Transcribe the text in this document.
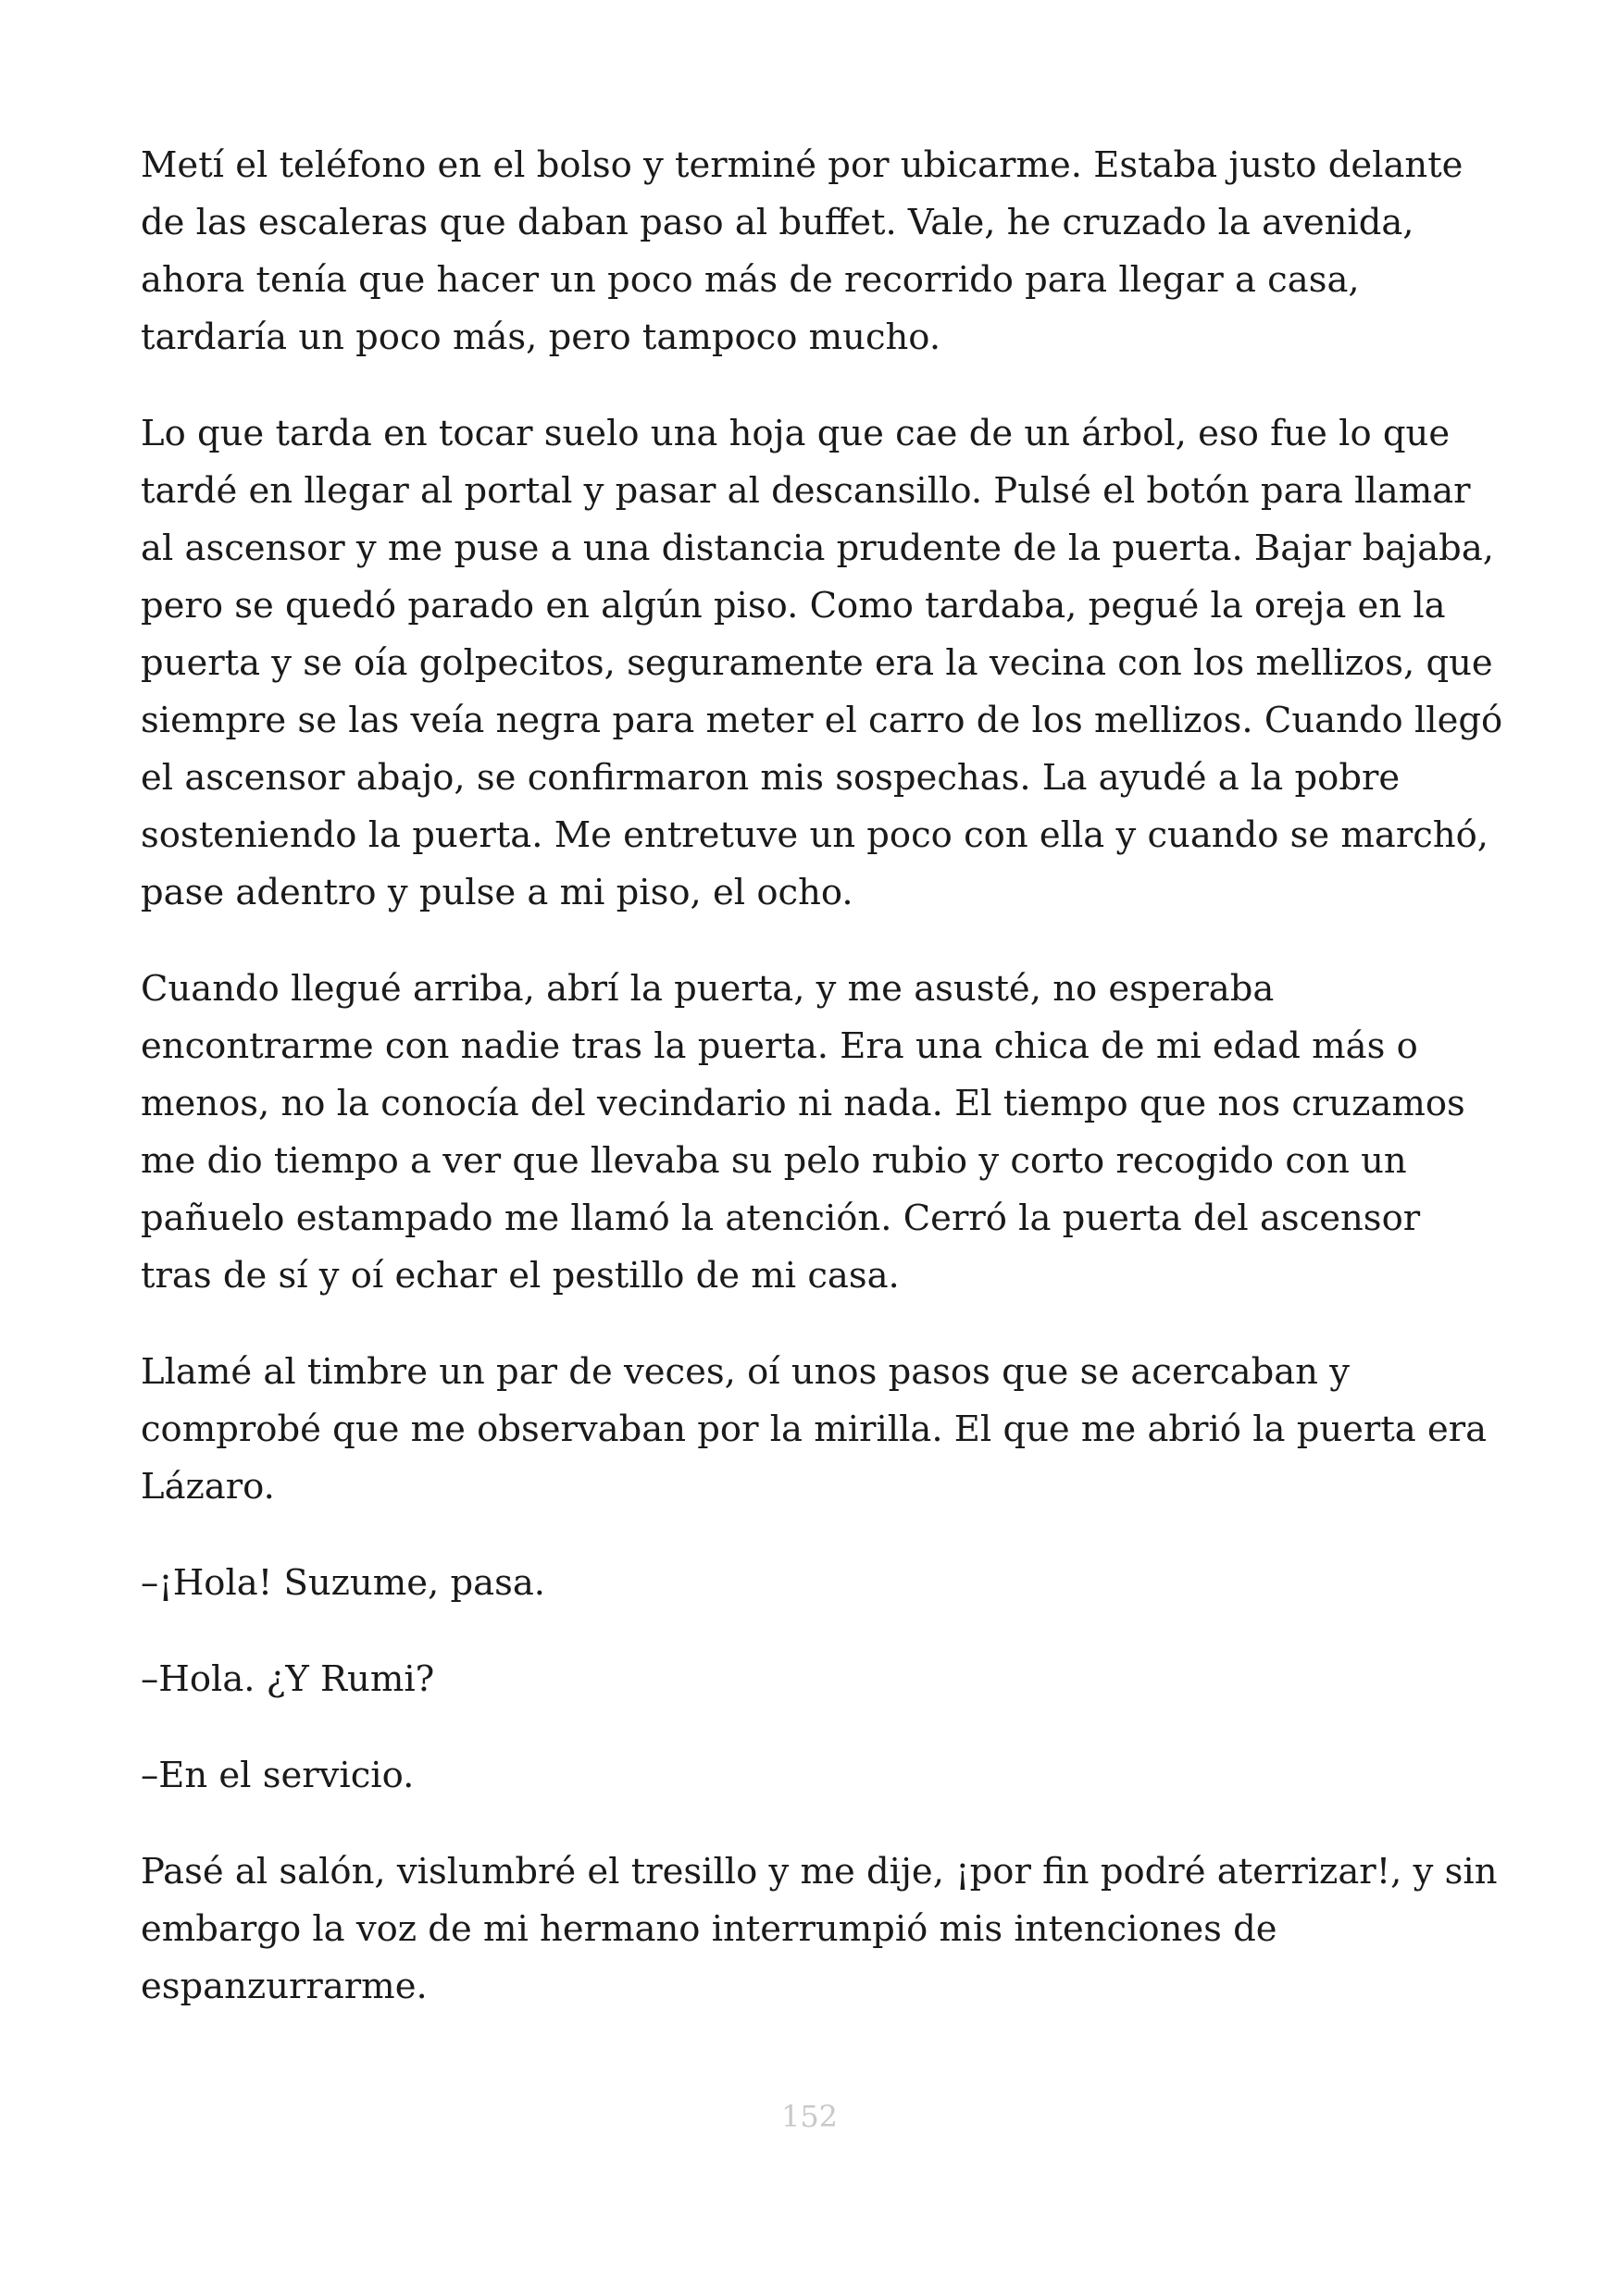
Metí el teléfono en el bolso y terminé por ubicarme. Estaba justo delante
de las escaleras que daban paso al buffet. Vale, he cruzado la avenida,
ahora tenía que hacer un poco más de recorrido para llegar a casa,
tardaría un poco más, pero tampoco mucho.

Lo que tarda en tocar suelo una hoja que cae de un árbol, eso fue lo que
tardé en llegar al portal y pasar al descansillo. Pulsé el botón para llamar
al ascensor y me puse a una distancia prudente de la puerta. Bajar bajaba,
pero se quedó parado en algún piso. Como tardaba, pegué la oreja en la
puerta y se oía golpecitos, seguramente era la vecina con los mellizos, que
siempre se las veía negra para meter el carro de los mellizos. Cuando llegó
el ascensor abajo, se confirmaron mis sospechas. La ayudé a la pobre
sosteniendo la puerta. Me entretuve un poco con ella y cuando se marchó,
pase adentro y pulse a mi piso, el ocho.

Cuando llegué arriba, abrí la puerta, y me asusté, no esperaba
encontrarme con nadie tras la puerta. Era una chica de mi edad más o
menos, no la conocía del vecindario ni nada. El tiempo que nos cruzamos
me dio tiempo a ver que llevaba su pelo rubio y corto recogido con un
pañuelo estampado me llamó la atención. Cerró la puerta del ascensor
tras de sí y oí echar el pestillo de mi casa.

Llamé al timbre un par de veces, oí unos pasos que se acercaban y
comprobé que me observaban por la mirilla. El que me abrió la puerta era
Lázaro.

–¡Hola! Suzume, pasa.

–Hola. ¿Y Rumi?

–En el servicio.

Pasé al salón, vislumbré el tresillo y me dije, ¡por fin podré aterrizar!, y sin
embargo la voz de mi hermano interrumpió mis intenciones de
espanzurrarme.

152
